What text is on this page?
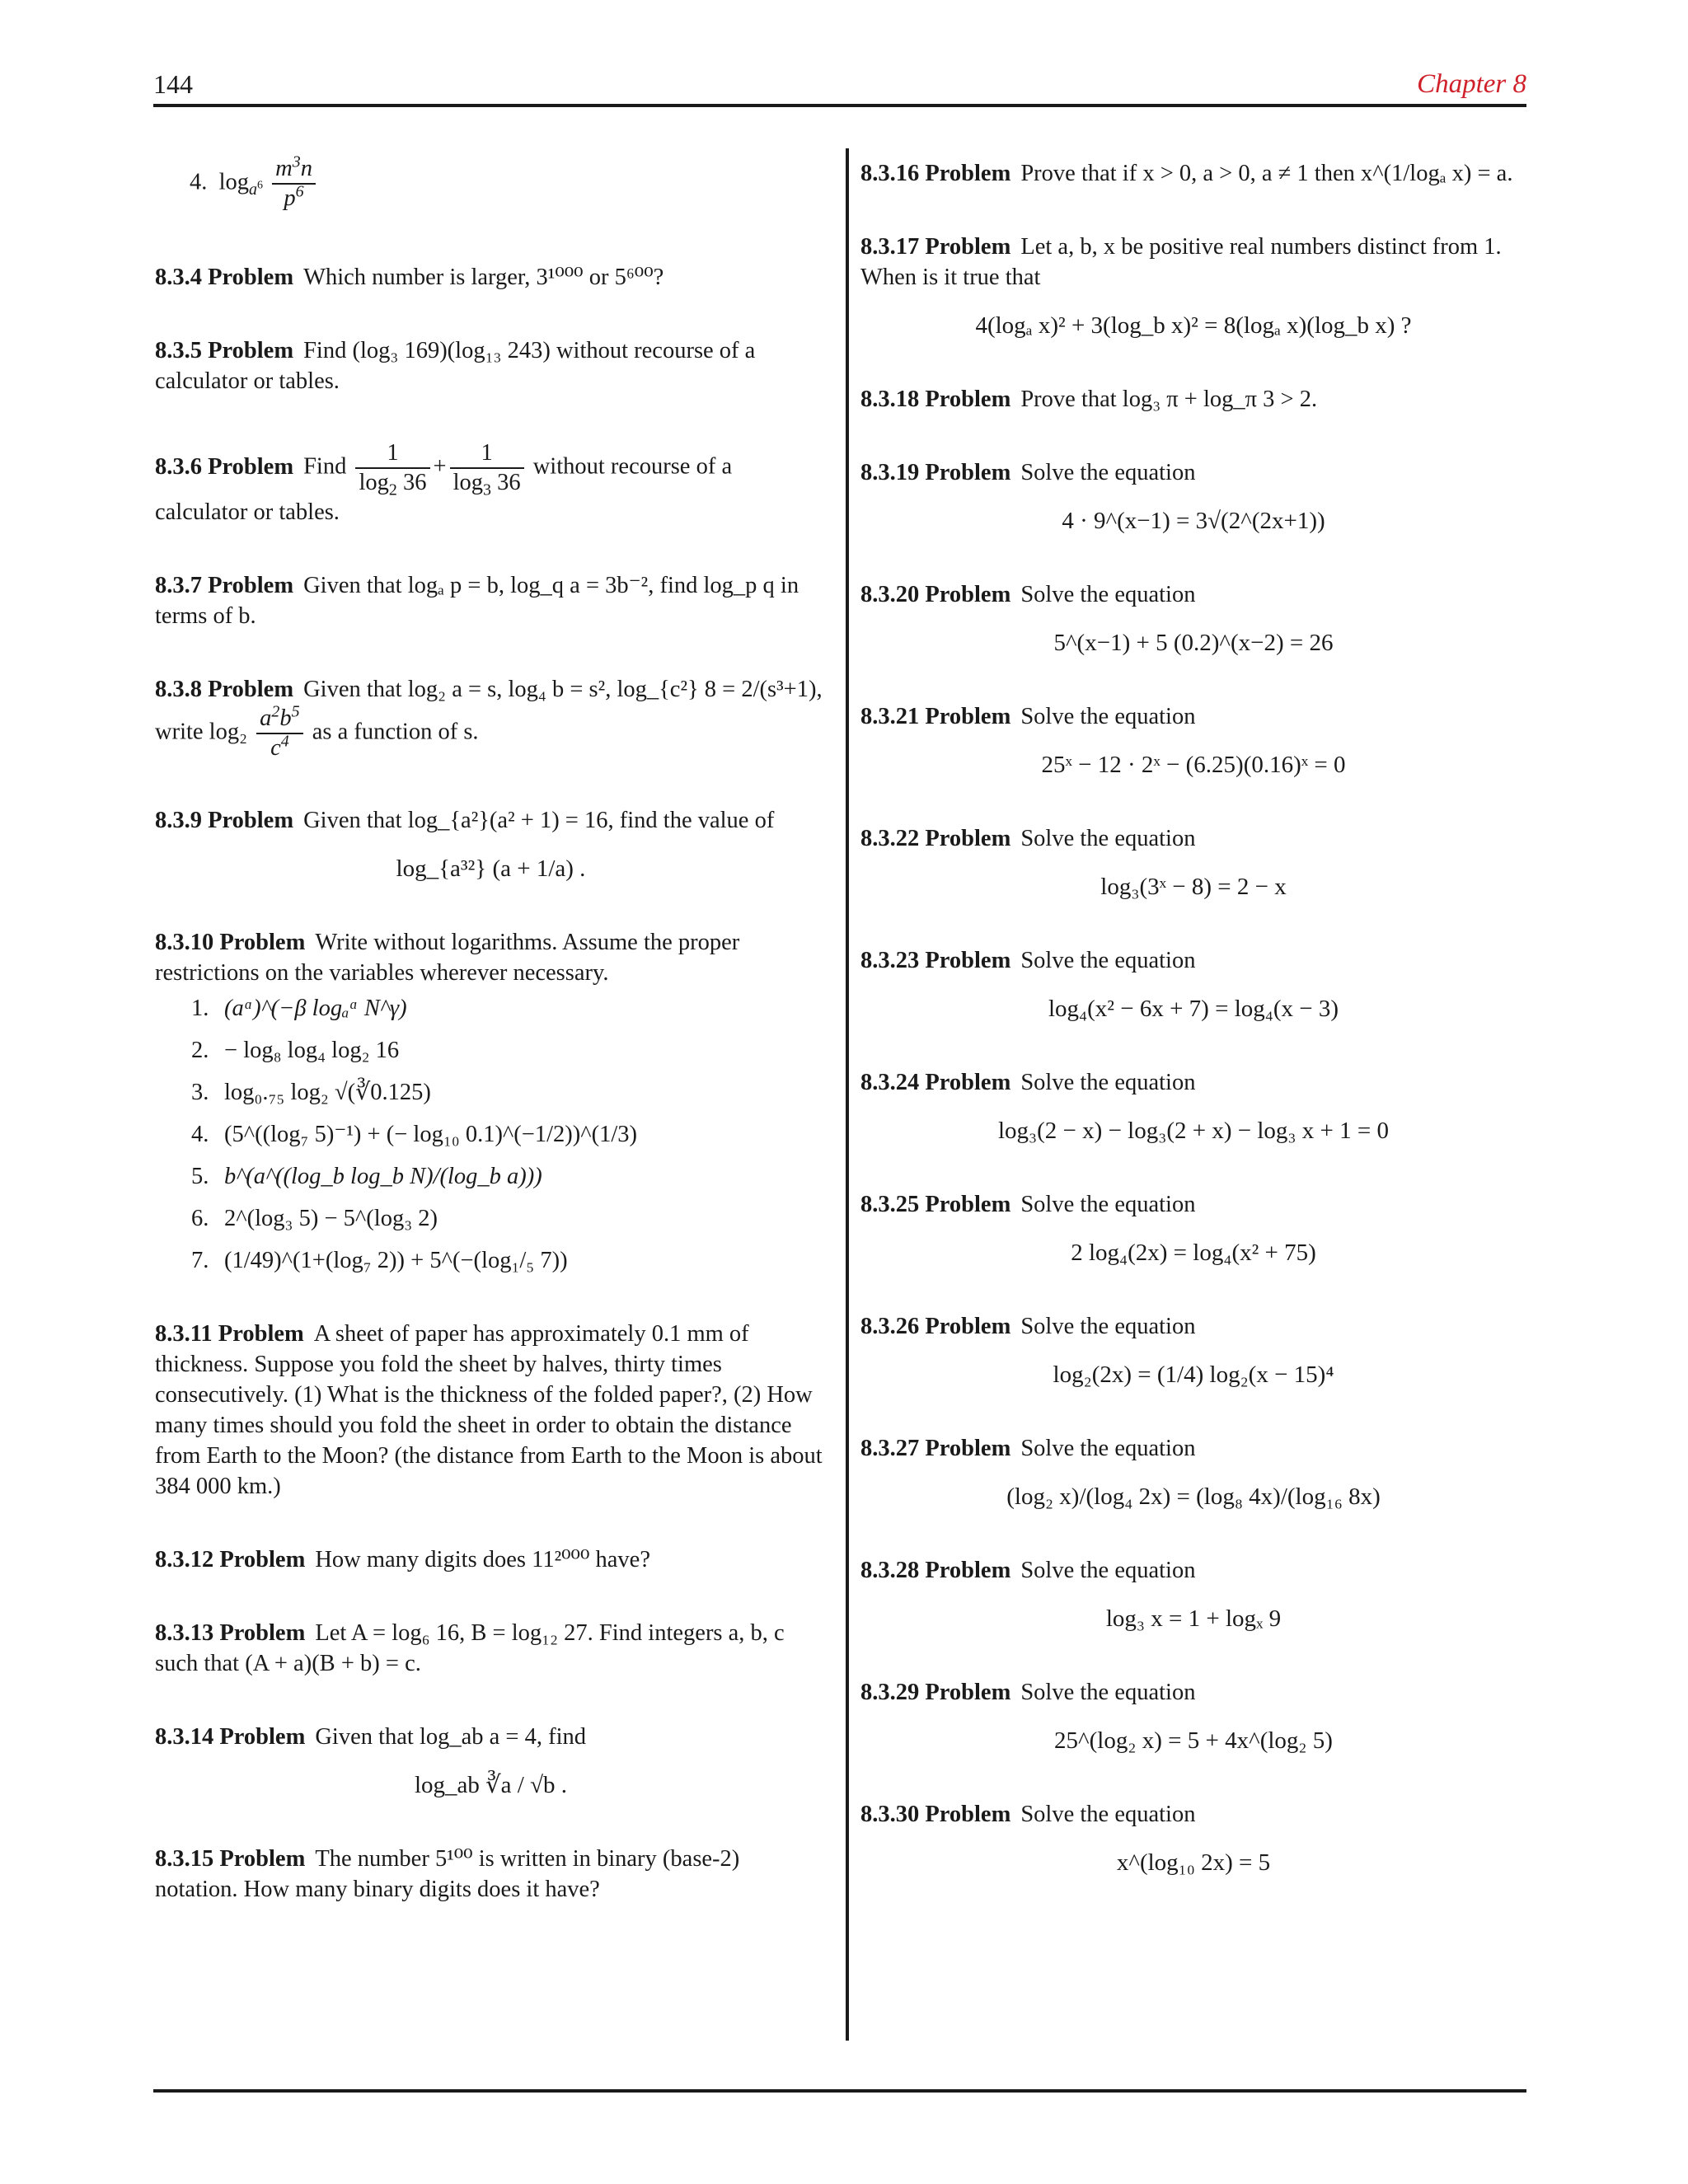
144	Chapter 8
4.  $\log_{a^6} \frac{m^3n}{p^6}$
8.3.4 Problem Which number is larger, 3¹⁰⁰⁰ or 5⁶⁰⁰?
8.3.5 Problem Find (log₃ 169)(log₁₃ 243) without recourse of a calculator or tables.
8.3.6 Problem Find $\frac{1}{\log_2 36} + \frac{1}{\log_3 36}$ without recourse of a calculator or tables.
8.3.7 Problem Given that logₐ p = b, log_q a = 3b⁻², find log_p q in terms of b.
8.3.8 Problem Given that log₂ a = s, log₄ b = s², log_{c²} 8 = 2/(s³+1),
write $\log_2 \frac{a^2b^5}{c^4}$ as a function of s.
8.3.9 Problem Given that log_{a²}(a² + 1) = 16, find the value of
log_{a³²} (a + 1/a) .
8.3.10 Problem Write without logarithms. Assume the proper restrictions on the variables wherever necessary.
1. (aᵅ)^(−β logₐᵅ N^γ)
2. − log₈ log₄ log₂ 16
3. log₀.₇₅ log₂ √(∛0.125)
4. (5^((log₇ 5)⁻¹) + (− log₁₀ 0.1)^(−1/2))^(1/3)
5. b^(a^((log_b log_b N)/(log_b a)))
6. 2^(log₃ 5) − 5^(log₃ 2)
7. (1/49)^(1+(log₇ 2)) + 5^(−(log₁/₅ 7))
8.3.11 Problem A sheet of paper has approximately 0.1 mm of thickness. Suppose you fold the sheet by halves, thirty times consecutively. (1) What is the thickness of the folded paper?, (2) How many times should you fold the sheet in order to obtain the distance from Earth to the Moon? (the distance from Earth to the Moon is about 384 000 km.)
8.3.12 Problem How many digits does 11²⁰⁰⁰ have?
8.3.13 Problem Let A = log₆ 16, B = log₁₂ 27. Find integers a, b, c such that (A + a)(B + b) = c.
8.3.14 Problem Given that log_ab a = 4, find
log_ab ∛a / √b .
8.3.15 Problem The number 5¹⁰⁰ is written in binary (base-2) notation. How many binary digits does it have?
8.3.16 Problem Prove that if x > 0, a > 0, a ≠ 1 then x^(1/logₐ x) = a.
8.3.17 Problem Let a, b, x be positive real numbers distinct from 1. When is it true that
4(logₐ x)² + 3(log_b x)² = 8(logₐ x)(log_b x) ?
8.3.18 Problem Prove that log₃ π + log_π 3 > 2.
8.3.19 Problem Solve the equation
4 · 9^(x−1) = 3√(2^(2x+1))
8.3.20 Problem Solve the equation
5^(x−1) + 5 (0.2)^(x−2) = 26
8.3.21 Problem Solve the equation
25ˣ − 12 · 2ˣ − (6.25)(0.16)ˣ = 0
8.3.22 Problem Solve the equation
log₃(3ˣ − 8) = 2 − x
8.3.23 Problem Solve the equation
log₄(x² − 6x + 7) = log₄(x − 3)
8.3.24 Problem Solve the equation
log₃(2 − x) − log₃(2 + x) − log₃ x + 1 = 0
8.3.25 Problem Solve the equation
2 log₄(2x) = log₄(x² + 75)
8.3.26 Problem Solve the equation
log₂(2x) = (1/4) log₂(x − 15)⁴
8.3.27 Problem Solve the equation
(log₂ x)/(log₄ 2x) = (log₈ 4x)/(log₁₆ 8x)
8.3.28 Problem Solve the equation
log₃ x = 1 + logₓ 9
8.3.29 Problem Solve the equation
25^(log₂ x) = 5 + 4x^(log₂ 5)
8.3.30 Problem Solve the equation
x^(log₁₀ 2x) = 5
